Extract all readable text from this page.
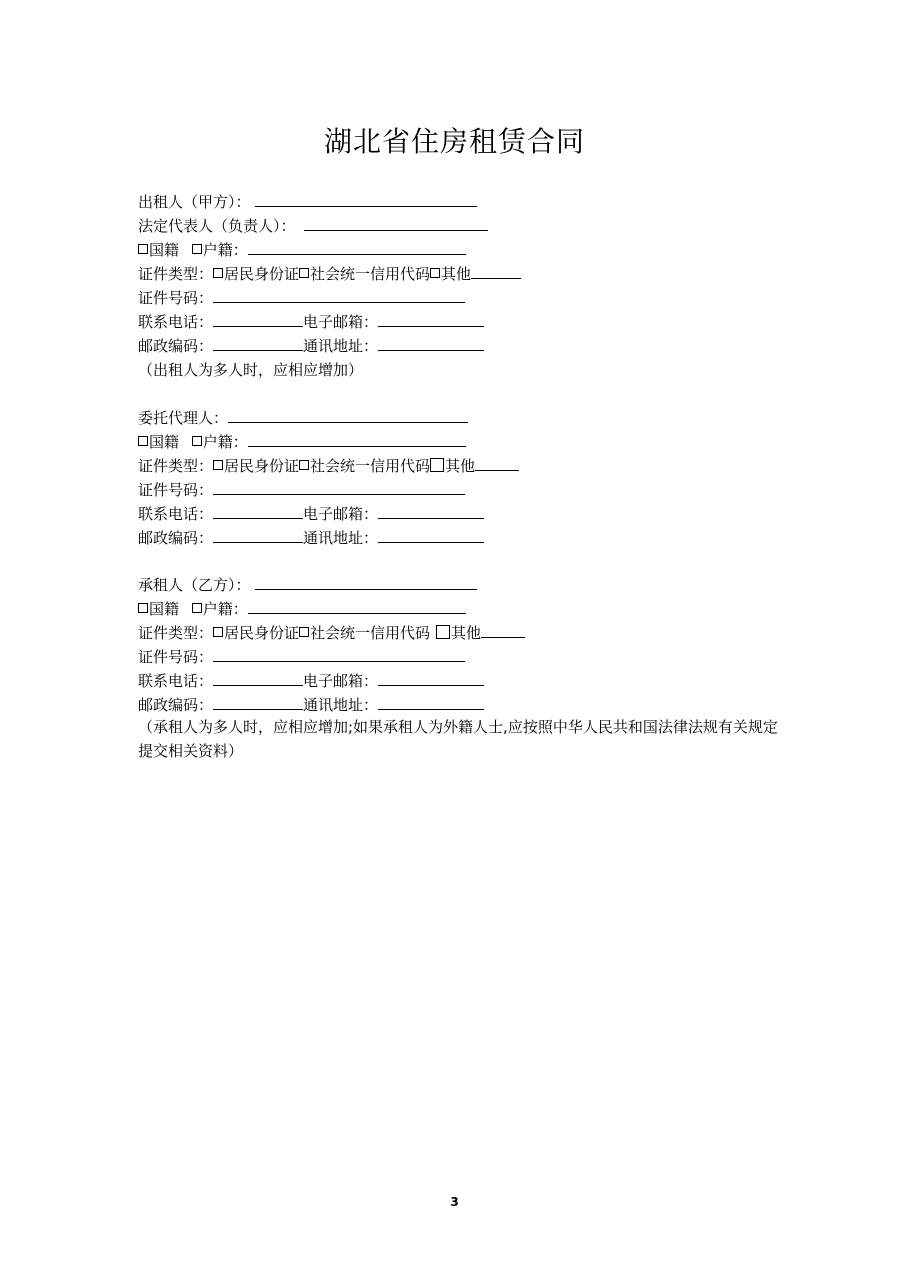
湖北省住房租赁合同
出租人（甲方）：
法定代表人（负责人）：
国籍 户籍：
证件类型： 居民身份证 社会统一信用代码 其他
证件号码：
联系电话：	电子邮箱：
邮政编码：	通讯地址：
（出租人为多人时，应相应增加）
委托代理人：
国籍 户籍：
证件类型： 居民身份证 社会统一信用代码 其他
证件号码：
联系电话：	电子邮箱：
邮政编码：	通讯地址：
承租人（乙方）：
国籍 户籍：
证件类型： 居民身份证 社会统一信用代码 其他
证件号码：
联系电话：	电子邮箱：
邮政编码：	通讯地址：
（承租人为多人时，应相应增加;如果承租人为外籍人士,应按照中华人民共和国法律法规有关规定提交相关资料）
3
